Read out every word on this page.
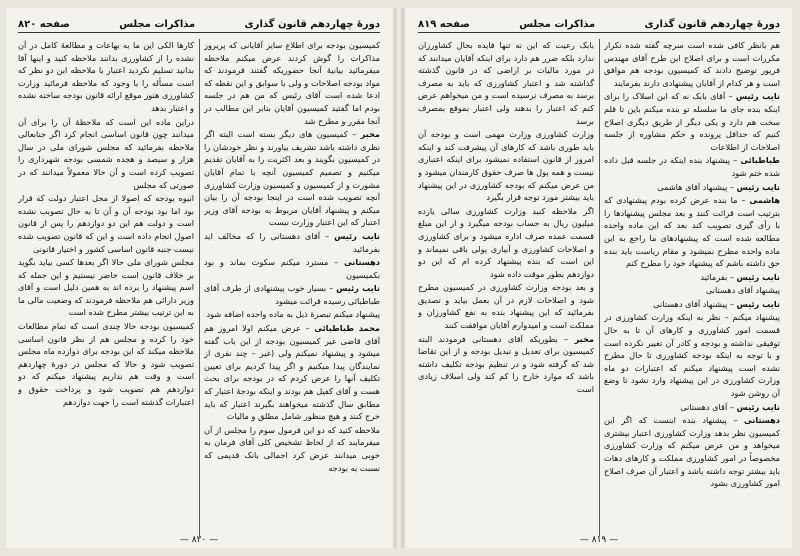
دورهٔ چهاردهم قانون گذاری
مذاکرات مجلس
صفحه ۸۲۰

کمیسیون بودجه برای اطلاع سایر آقایانی که پریروز مذاکرات را گوش کردند عرض میکنم ملاحظه میفرمائید بیانیهٔ آنجا حضوریکه گفتند فرمودند که مواد بودجه اصلاحات و ولی با سوابق و این نقطه که ادعا شده است آقای رئیس که من هم در جلسه بودم اما گفتید کمیسیون آقایان بنابر این مطالب در آنجا مقرر و مطرح شد

مخبر – کمیسیون های دیگر بسته است البته اگر نظری داشته باشد تشریف بیاورند و نظر خودشان را در کمیسیون بگویند و بعد اکثریت را به آقایان تقدیم میکنیم و تصمیم کمیسیون آنچه با تمام آقایان مشورت و از کمیسیون و کمیسیون وزارت کشاورزی آنچه تصویب شده است در اینجا بودجه آن را بیان میکنم و پیشنهاد آقایان مربوط به بودجه آقای وزیر اعتبار که این اعتبار وزارت نیست

نایب رئیس – آقای دهستانی را که مخالف اید بفرمائید

دهستانی – مسترد میکنم سکوت بماند و بود بکمیسیون

نایب رئیس – بسیار خوب پیشنهادی از طرف آقای طباطبائی رسیده قرائت میشود

پیشنهاد میکنم تبصرهٔ ذیل به ماده واحده اضافه شود

محمد طباطبائی – عرض میکنم اولا امروز هم آقای قاضی غیر کمیسیون بودجه از این باب گفته میشود و پیشنهاد نمیکنم ولی (غیر – چند نفری از نمایندگان پیدا میکنیم و اگر پیدا کردیم برای تعیین تکلیف آنها را عرض کردم که در بودجه برای بحث هست و آقای کفیل هم بودند و اینکه بودجهٔ اعتبار که مطابق سال گذشته میخواهند بگیرند اعتبار که باید خرج کنند و هیچ منظور شامل مطلق و مالیات

ملاحظه کنید که دو این فرمول سوم را مجلس از آن میفرمایند که از لحاظ تشخیص کلی آقای فرمان به خوبی میدانند عرض کرد اجمالی بانک قدیمی که نسبت به بودجه

کارها الکی این ما یه بهاعات و مطالعهٔ کامل در آن نشده را از کشاورزی بدانند ملاحظه کنید و اینها آقا بدانید تسلیم نکردید اعتبار با ملاحظه این دو نظر که است مسأله را با وجود که ملاحظه فرمائید وزارت کشاورزی هنوز موقع ارائه قانون بودجه ساخته نشده و اعتبار بدهد

دراین ماده این است که ملاحظهٔ آن را برای آن میدانند چون قانون اساسی انجام کرد اگر جنابعالی ملاحظه بفرمائید که مجلس شورای ملی در سال هزار و سیصد و هجده شمسی بودجه شهرداری را تصویب کرده است و آن حالا معمولاً میدانند که در صورتی که مجلس

انبوه بودجه که اصولا از محل اعتبار دولت که قرار بود اما بود بودجه آن و آن تا به حال تصویب نشده است و دولت هم این دو دوازدهم را پس از قانون اصول انجام داده است و این که قانون تصویب شده نیست جنبه قانون اساسی کشور و اختیار قانونی

مجلس شورای ملی حالا اگر بعدها کسی بیاید بگوید بر خلاف قانون است حاضر نیستیم و این جمله که اسم پیشنهاد را برده اند به همین دلیل است و آقای وزیر دارائی هم ملاحظه فرمودند که وضعیت مالی ما به این ترتیب بیشتر مطرح شده است

کمیسیون بودجه حالا چندی است که تمام مطالعات خود را کرده و مجلس هم از نظر قانون اساسی ملاحظه میکند که این بودجه برای دوازده ماه مجلس تصویب شود و حالا که مجلس در دورهٔ چهاردهم است و وقت هم نداریم پیشنهاد میکنم که دو دوازدهم هم تصویب شود و پرداخت حقوق و اعتبارات گذشته است را جهت دوازدهم

— ۸۲۰ —
دورهٔ چهاردهم قانون گذاری
مذاکرات مجلس
صفحه ۸۱۹

هم بانظر کافی شده است سرچه گفته شده تکرار مکررات است و برای اصلاح این طرح آقای مهندس فریور توضیح دادند که کمیسیون بودجه هم موافق است و هر کدام از آقایان پیشنهادی دارند بفرمایند

نایب رئیس – آقای بابک نه که این اسلاک را برای اینکه بنده جای ما سلسله تو بنده میکنم باین تا قلم سخت هم دارد و یکی دیگر از طریق دیگری اصلاح کنیم که حداقل پرونده و حکم مشاوره از جلسه اصلاحات از اطلاعات

طباطبائی – پیشنهاد بنده اینکه در جلسه قبل داده شده ختم شود

نایب رئیس – پیشنهاد آقای هاشمی

هاشمی – ما بنده عرض کرده بودم پیشنهادی که بترتیب است قرائت کنند و بعد مجلس پیشنهادها را با رأی گیری تصویب کند بعد که این ماده واحده مطالعه شده است که پیشنهادهای ما راجع به این ماده واحده مطرح نمیشود و مقام ریاست باید بنده حق داشته باشم که پیشنهاد خود را مطرح کنم

نایب رئیس – بفرمائید

پیشنهاد آقای دهستانی

نایب رئیس – پیشنهاد آقای دهستانی

پیشنهاد میکنم – نظر به اینکه وزارت کشاورزی در قسمت امور کشاورزی و کارهای آن تا به حال توفیقی نداشته و بودجه و کادر آن تغییر نکرده است و با توجه به اینکه بودجه کشاورزی تا حال مطرح نشده است پیشنهاد میکنم که اعتبارات دو ماه وزارت کشاورزی در این پیشنهاد وارد نشود تا وضع آن روشن شود

نایب رئیس – آقای دهستانی

دهستانی – پیشنهاد بنده اینست که اگر این کمیسیون نظر بدهد وزارت کشاورزی اعتبار بیشتری میخواهد و من عرض میکنم که وزارت کشاورزی مخصوصاً در امور کشاورزی مملکت و کارهای دهات باید بیشتر توجه داشته باشد و اعتبار آن صرف اصلاح امور کشاورزی بشود

بابک رعیت که این نه تنها فایده بحال کشاورزان ندارد بلکه ضرر هم دارد برای اینکه آقایان میدانند که در مورد مالیات بر اراضی که در قانون گذشته گذاشته شد و اعتبار کشاورزی که باید به مصرف برسد به مصرف نرسیده است و من میخواهم عرض کنم که اعتبار را بدهند ولی اعتبار بموقع بمصرف برسد

وزارت کشاورزی وزارت مهمی است و بودجه آن باید طوری باشد که کارهای آن پیشرفت کند و اینکه امروز از قانون استفاده نمیشود برای اینکه اعتباری نیست و همه پول ها صرف حقوق کارمندان میشود و من عرض میکنم که بودجه کشاورزی در این پیشنهاد باید بیشتر مورد توجه قرار بگیرد

اگر ملاحظه کنید وزارت کشاورزی سالی یازده میلیون ریال به حساب بودجه میگیرد و از این مبلغ قسمت عمده صرف اداره میشود و برای کشاورزی و اصلاحات کشاورزی و آبیاری پولی باقی نمیماند و این است که بنده پیشنهاد کرده ام که این دو دوازدهم بطور موقت داده شود

و بعد بودجه وزارت کشاورزی در کمیسیون مطرح شود و اصلاحات لازم در آن بعمل بیاید و تصدیق بفرمائید که این پیشنهاد بنده به نفع کشاورزان و مملکت است و امیدوارم آقایان موافقت کنند

مخبر – بطوریکه آقای دهستانی فرمودند البته کمیسیون برای تعدیل و تبدیل بودجه و از این تقاضا شد که گرفته شود و در تنظیم بودجه تکلیف داشته باشد که موارد خارج را کم کند ولی اسلاف زیادی است

— ۸۱۹ —
